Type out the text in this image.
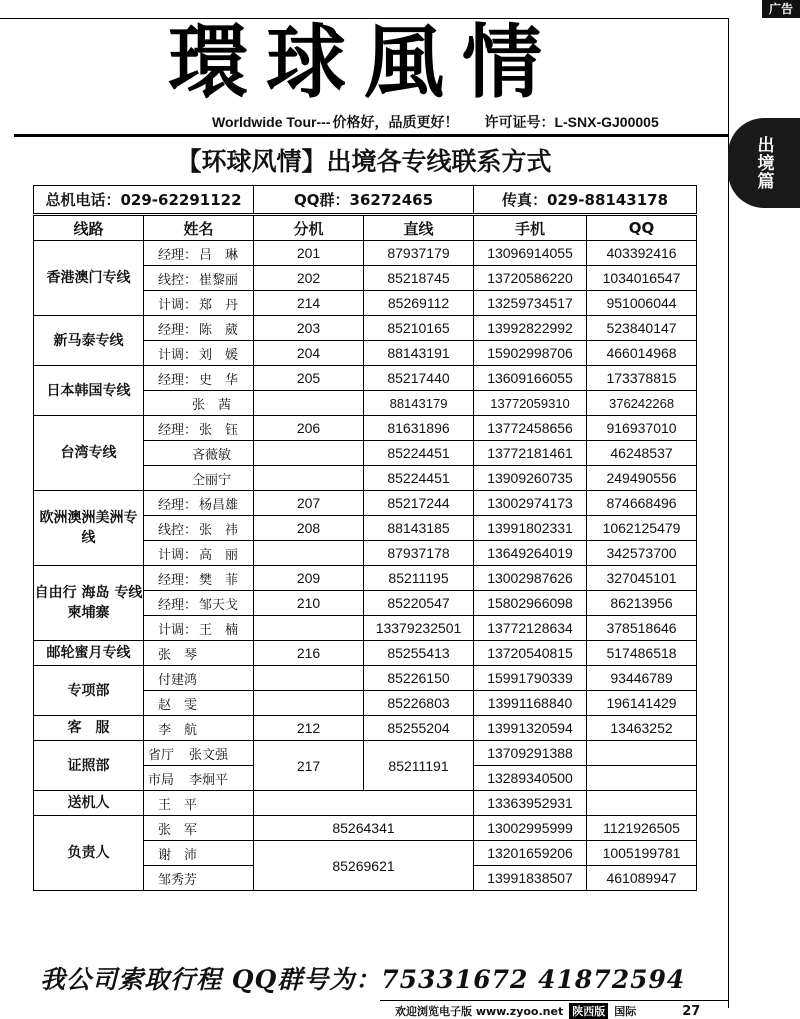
广告
出境篇
環球風情
Worldwide Tour--- 价格好，品质更好！ 许可证号：L-SNX-GJ00005
【环球风情】出境各专线联系方式
总机电话：029-62291122		QQ群：36272465		传真：029-88143178	
线路	姓名	分机	直线	手机	QQ
香港澳门专线	经理： 吕　琳	201	87937179	13096914055	403392416
	线控： 崔黎丽	202	85218745	13720586220	1034016547
	计调： 郑　丹	214	85269112	13259734517	951006044
新马泰专线	经理： 陈　葳	203	85210165	13992822992	523840147
	计调： 刘　媛	204	88143191	15902998706	466014968
日本韩国专线	经理： 史　华	205	85217440	13609166055	173378815
	张　茜		88143179	13772059310	376242268
台湾专线	经理： 张　钰	206	81631896	13772458656	916937010
	吝薇敏		85224451	13772181461	46248537
	仝丽宁		85224451	13909260735	249490556
欧洲澳洲美洲专线	经理： 杨昌雄	207	85217244	13002974173	874668496
	线控： 张　祎	208	88143185	13991802331	1062125479
	计调： 高　丽		87937178	13649264019	342573700
自由行 海岛 专线 柬埔寨	经理： 樊　菲	209	85211195	13002987626	327045101
	经理： 邹天戈	210	85220547	15802966098	86213956
	计调： 王　楠		13379232501	13772128634	378518646
邮轮蜜月专线	张　琴	216	85255413	13720540815	517486518
专项部	付建鸿		85226150	15991790339	93446789
	赵　雯		85226803	13991168840	196141429
客　服	李　航	212	85255204	13991320594	13463252
证照部	省厅　张文强	217	85211191	13709291388	
	市局　李炯平			13289340500	
送机人	王　平			13363952931	
负责人	张　军	85264341		13002995999	1121926505
	谢　沛	85269621		13201659206	1005199781
	邹秀芳			13991838507	461089947
我公司索取行程 QQ群号为：75331672 41872594
欢迎浏览电子版 www.zyoo.net 陕西版 国际	27
